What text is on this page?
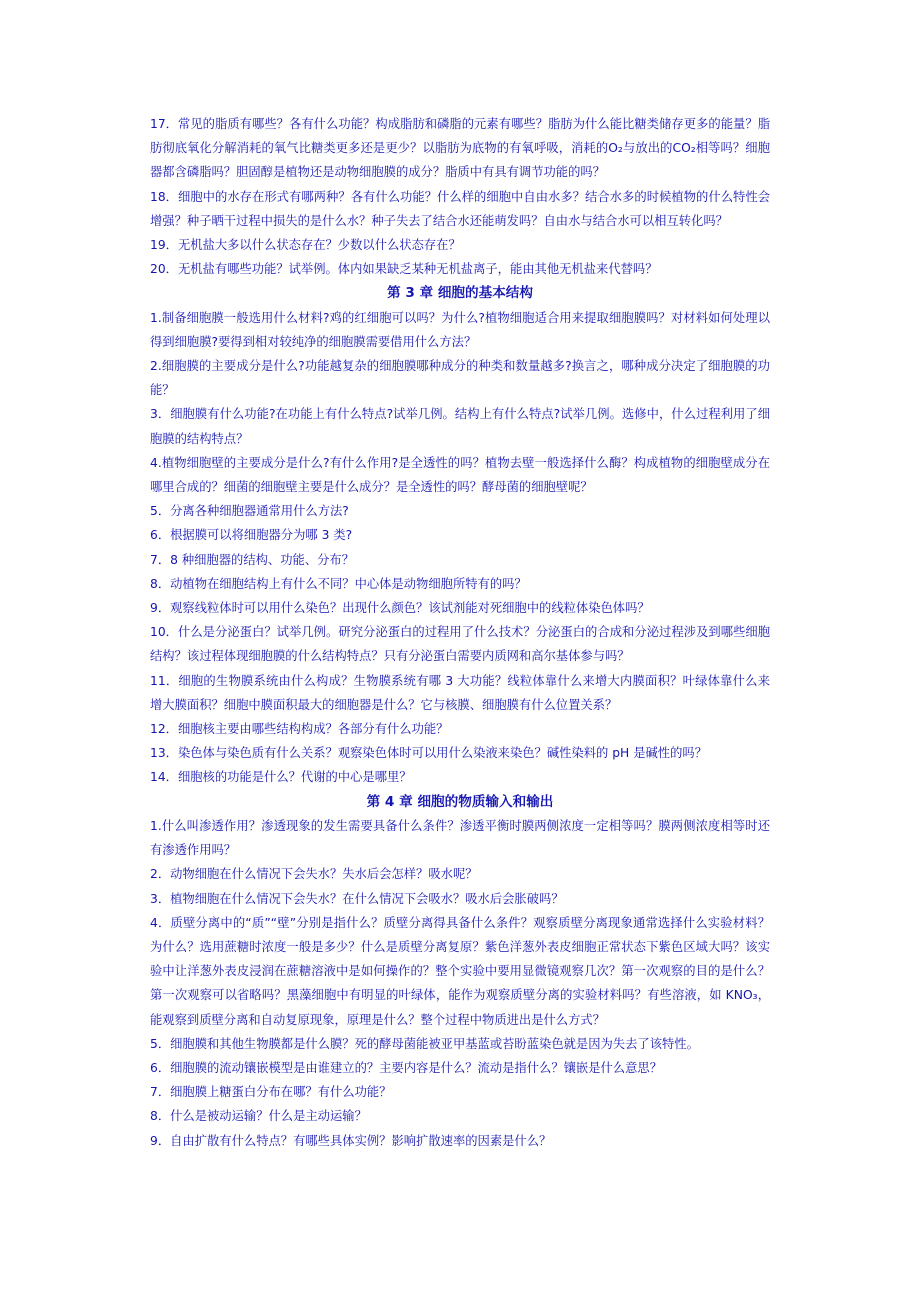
17．常见的脂质有哪些？各有什么功能？构成脂肪和磷脂的元素有哪些？脂肪为什么能比糖类储存更多的能量？脂肪彻底氧化分解消耗的氧气比糖类更多还是更少？以脂肪为底物的有氧呼吸，消耗的O₂与放出的CO₂相等吗？细胞器都含磷脂吗？胆固醇是植物还是动物细胞膜的成分？脂质中有具有调节功能的吗？

18．细胞中的水存在形式有哪两种？各有什么功能？什么样的细胞中自由水多？结合水多的时候植物的什么特性会增强？种子晒干过程中损失的是什么水？种子失去了结合水还能萌发吗？自由水与结合水可以相互转化吗？

19．无机盐大多以什么状态存在？少数以什么状态存在？

20．无机盐有哪些功能？试举例。体内如果缺乏某种无机盐离子，能由其他无机盐来代替吗？

第 3 章 细胞的基本结构

1.制备细胞膜一般选用什么材料?鸡的红细胞可以吗？为什么?植物细胞适合用来提取细胞膜吗？对材料如何处理以得到细胞膜?要得到相对较纯净的细胞膜需要借用什么方法？

2.细胞膜的主要成分是什么?功能越复杂的细胞膜哪种成分的种类和数量越多?换言之，哪种成分决定了细胞膜的功能？

3．细胞膜有什么功能?在功能上有什么特点?试举几例。结构上有什么特点?试举几例。选修中，什么过程利用了细胞膜的结构特点？

4.植物细胞壁的主要成分是什么?有什么作用?是全透性的吗？植物去壁一般选择什么酶？构成植物的细胞壁成分在哪里合成的？细菌的细胞壁主要是什么成分？是全透性的吗？酵母菌的细胞壁呢？

5．分离各种细胞器通常用什么方法?

6．根据膜可以将细胞器分为哪 3 类?

7．8 种细胞器的结构、功能、分布？

8．动植物在细胞结构上有什么不同？中心体是动物细胞所特有的吗？

9．观察线粒体时可以用什么染色？出现什么颜色？该试剂能对死细胞中的线粒体染色体吗？

10．什么是分泌蛋白？试举几例。研究分泌蛋白的过程用了什么技术？分泌蛋白的合成和分泌过程涉及到哪些细胞结构？该过程体现细胞膜的什么结构特点？只有分泌蛋白需要内质网和高尔基体参与吗？

11．细胞的生物膜系统由什么构成？生物膜系统有哪 3 大功能？线粒体靠什么来增大内膜面积？叶绿体靠什么来增大膜面积？细胞中膜面积最大的细胞器是什么？它与核膜、细胞膜有什么位置关系？

12．细胞核主要由哪些结构构成？各部分有什么功能？

13．染色体与染色质有什么关系？观察染色体时可以用什么染液来染色？碱性染料的 pH 是碱性的吗？

14．细胞核的功能是什么？代谢的中心是哪里？

第 4 章 细胞的物质输入和输出

1.什么叫渗透作用？渗透现象的发生需要具备什么条件？渗透平衡时膜两侧浓度一定相等吗？膜两侧浓度相等时还有渗透作用吗？

2．动物细胞在什么情况下会失水？失水后会怎样？吸水呢？

3．植物细胞在什么情况下会失水？在什么情况下会吸水？吸水后会胀破吗？

4．质壁分离中的“质”“壁”分别是指什么？质壁分离得具备什么条件？观察质壁分离现象通常选择什么实验材料？为什么？选用蔗糖时浓度一般是多少？什么是质壁分离复原？紫色洋葱外表皮细胞正常状态下紫色区域大吗？该实验中让洋葱外表皮浸润在蔗糖溶液中是如何操作的？整个实验中要用显微镜观察几次？第一次观察的目的是什么？第一次观察可以省略吗？黑藻细胞中有明显的叶绿体，能作为观察质壁分离的实验材料吗？有些溶液，如 KNO₃，能观察到质壁分离和自动复原现象，原理是什么？整个过程中物质进出是什么方式？

5．细胞膜和其他生物膜都是什么膜？死的酵母菌能被亚甲基蓝或苔盼蓝染色就是因为失去了该特性。

6．细胞膜的流动镶嵌模型是由谁建立的？主要内容是什么？流动是指什么？镶嵌是什么意思？

7．细胞膜上糖蛋白分布在哪？有什么功能？

8．什么是被动运输？什么是主动运输？

9．自由扩散有什么特点？有哪些具体实例？影响扩散速率的因素是什么？
